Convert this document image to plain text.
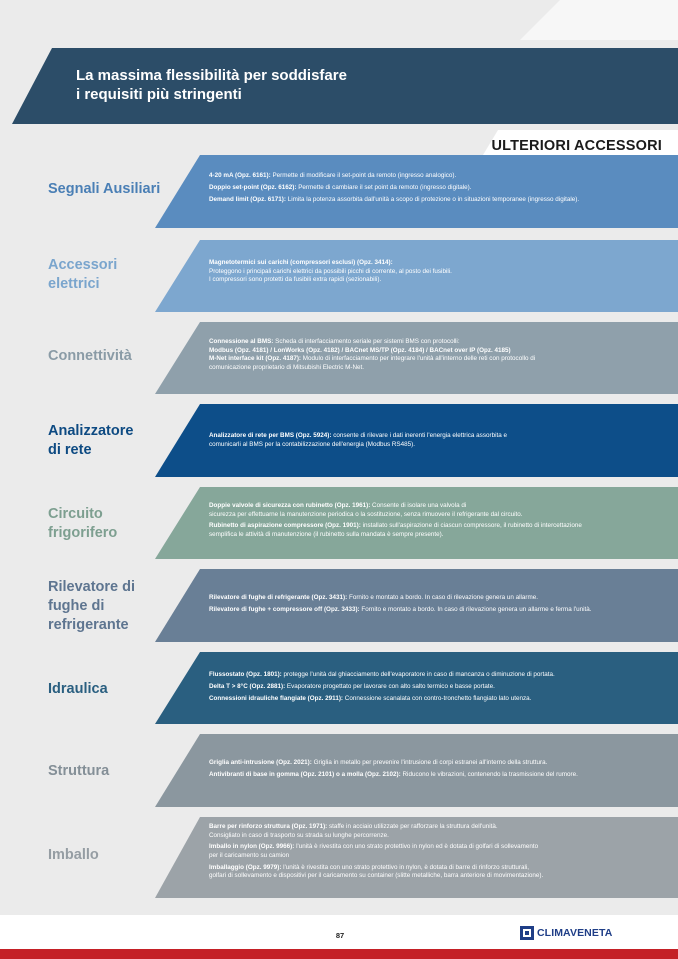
La massima flessibilità per soddisfare
i requisiti più stringenti
ULTERIORI ACCESSORI
Segnali Ausiliari
Accessori
elettrici
Connettività
Analizzatore
di rete
Circuito
frigorifero
Rilevatore di
fughe di
refrigerante
Idraulica
Struttura
Imballo
4-20 mA (Opz. 6161): Permette di modificare il set-point da remoto (ingresso analogico).
Doppio set-point (Opz. 6162): Permette di cambiare il set point da remoto (ingresso digitale).
Demand limit (Opz. 6171): Limita la potenza assorbita dall'unità a scopo di protezione o in situazioni temporanee (ingresso digitale).
Magnetotermici sui carichi (compressori esclusi) (Opz. 3414):
Proteggono i principali carichi elettrici da possibili picchi di corrente, al posto dei fusibili.
I compressori sono protetti da fusibili extra rapidi (sezionabili).
Connessione al BMS: Scheda di interfacciamento seriale per sistemi BMS con protocolli:
Modbus (Opz. 4181) / LonWorks (Opz. 4182) / BACnet MS/TP (Opz. 4184) / BACnet over IP (Opz. 4185)
M-Net interface kit (Opz. 4187): Modulo di interfacciamento per integrare l'unità all'interno delle reti con protocollo di
comunicazione proprietario di Mitsubishi Electric M-Net.
Analizzatore di rete per BMS (Opz. 5924): consente di rilevare i dati inerenti l'energia elettrica assorbita e
comunicarli al BMS per la contabilizzazione dell'energia (Modbus RS485).
Doppie valvole di sicurezza con rubinetto (Opz. 1961): Consente di isolare una valvola di
sicurezza per effettuarne la manutenzione periodica o la sostituzione, senza rimuovere il refrigerante dal circuito.
Rubinetto di aspirazione compressore (Opz. 1901): installato sull'aspirazione di ciascun compressore, il rubinetto di intercettazione
semplifica le attività di manutenzione (il rubinetto sulla mandata è sempre presente).
Rilevatore di fughe di refrigerante (Opz. 3431): Fornito e montato a bordo. In caso di rilevazione genera un allarme.
Rilevatore di fughe + compressore off (Opz. 3433): Fornito e montato a bordo. In caso di rilevazione genera un allarme e ferma l'unità.
Flussostato (Opz. 1801): protegge l'unità dal ghiacciamento dell'evaporatore in caso di mancanza o diminuzione di portata.
Delta T > 8°C (Opz. 2881): Evaporatore progettato per lavorare con alto salto termico e basse portate.
Connessioni idrauliche flangiate (Opz. 2911): Connessione scanalata con contro-tronchetto flangiato lato utenza.
Griglia anti-intrusione (Opz. 2021): Griglia in metallo per prevenire l'intrusione di corpi estranei all'interno della struttura.
Antivibranti di base in gomma (Opz. 2101) o a molla (Opz. 2102): Riducono le vibrazioni, contenendo la trasmissione del rumore.
Barre per rinforzo struttura (Opz. 1971): staffe in acciaio utilizzate per rafforzare la struttura dell'unità.
Consigliato in caso di trasporto su strada su lunghe percorrenze.
Imballo in nylon (Opz. 9966): l'unità è rivestita con uno strato protettivo in nylon ed è dotata di golfari di sollevamento
per il caricamento su camion
Imballaggio (Opz. 9979): l'unità è rivestita con uno strato protettivo in nylon, è dotata di barre di rinforzo strutturali,
golfari di sollevamento e dispositivi per il caricamento su container (slitte metalliche, barra anteriore di movimentazione).
87	CLIMAVENETA
